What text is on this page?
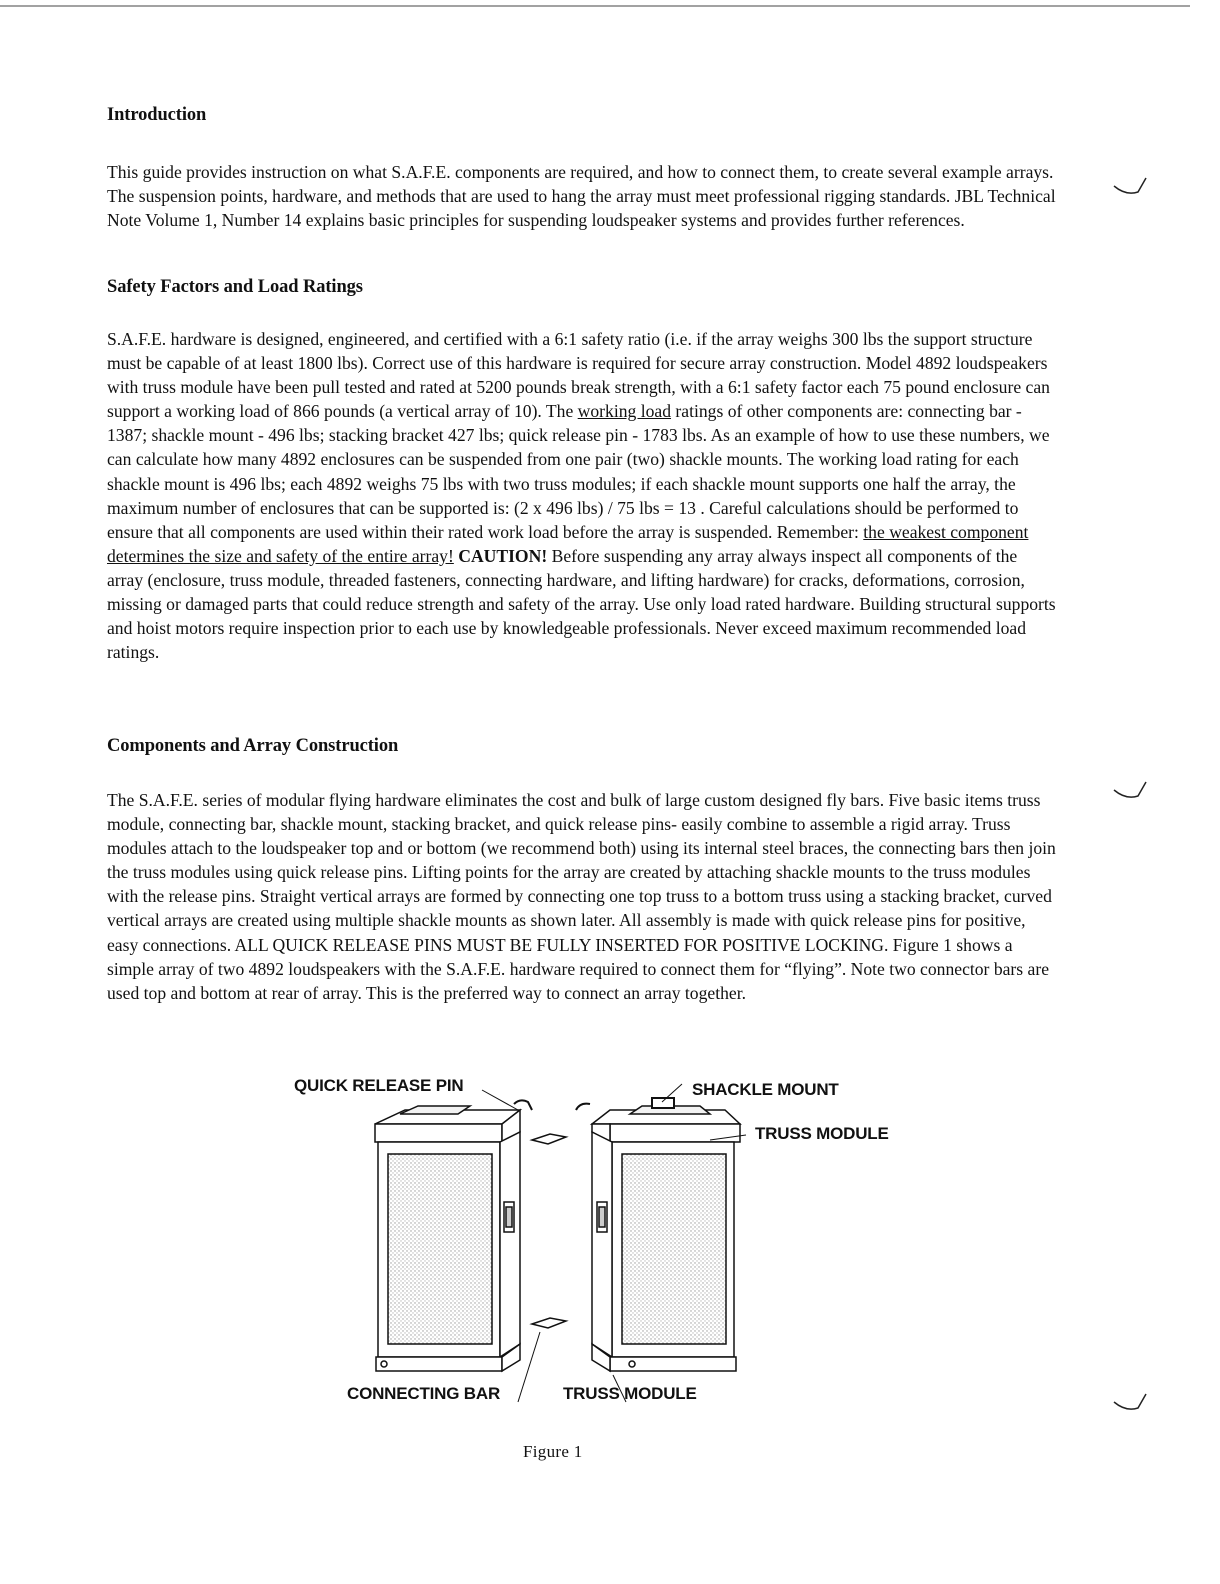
Introduction

This guide provides instruction on what S.A.F.E. components are required, and how to connect them, to create several example arrays. The suspension points, hardware, and methods that are used to hang the array must meet professional rigging standards. JBL Technical Note Volume 1, Number 14 explains basic principles for suspending loudspeaker systems and provides further references.

Safety Factors and Load Ratings

S.A.F.E. hardware is designed, engineered, and certified with a 6:1 safety ratio (i.e. if the array weighs 300 lbs the support structure must be capable of at least 1800 lbs). Correct use of this hardware is required for secure array construction. Model 4892 loudspeakers with truss module have been pull tested and rated at 5200 pounds break strength, with a 6:1 safety factor each 75 pound enclosure can support a working load of 866 pounds (a vertical array of 10). The working load ratings of other components are: connecting bar - 1387; shackle mount - 496 lbs; stacking bracket 427 lbs; quick release pin - 1783 lbs. As an example of how to use these numbers, we can calculate how many 4892 enclosures can be suspended from one pair (two) shackle mounts. The working load rating for each shackle mount is 496 lbs; each 4892 weighs 75 lbs with two truss modules; if each shackle mount supports one half the array, the maximum number of enclosures that can be supported is: (2 x 496 lbs) / 75 lbs = 13 . Careful calculations should be performed to ensure that all components are used within their rated work load before the array is suspended. Remember: the weakest component determines the size and safety of the entire array! CAUTION! Before suspending any array always inspect all components of the array (enclosure, truss module, threaded fasteners, connecting hardware, and lifting hardware) for cracks, deformations, corrosion, missing or damaged parts that could reduce strength and safety of the array. Use only load rated hardware. Building structural supports and hoist motors require inspection prior to each use by knowledgeable professionals. Never exceed maximum recommended load ratings.

Components and Array Construction

The S.A.F.E. series of modular flying hardware eliminates the cost and bulk of large custom designed fly bars. Five basic items truss module, connecting bar, shackle mount, stacking bracket, and quick release pins- easily combine to assemble a rigid array. Truss modules attach to the loudspeaker top and or bottom (we recommend both) using its internal steel braces, the connecting bars then join the truss modules using quick release pins. Lifting points for the array are created by attaching shackle mounts to the truss modules with the release pins. Straight vertical arrays are formed by connecting one top truss to a bottom truss using a stacking bracket, curved vertical arrays are created using multiple shackle mounts as shown later. All assembly is made with quick release pins for positive, easy connections. ALL QUICK RELEASE PINS MUST BE FULLY INSERTED FOR POSITIVE LOCKING. Figure 1 shows a simple array of two 4892 loudspeakers with the S.A.F.E. hardware required to connect them for “flying”. Note two connector bars are used top and bottom at rear of array. This is the preferred way to connect an array together.

Figure 1

QUICK RELEASE PIN	SHACKLE MOUNT

TRUSS MODULE

CONNECTING BAR	TRUSS MODULE
